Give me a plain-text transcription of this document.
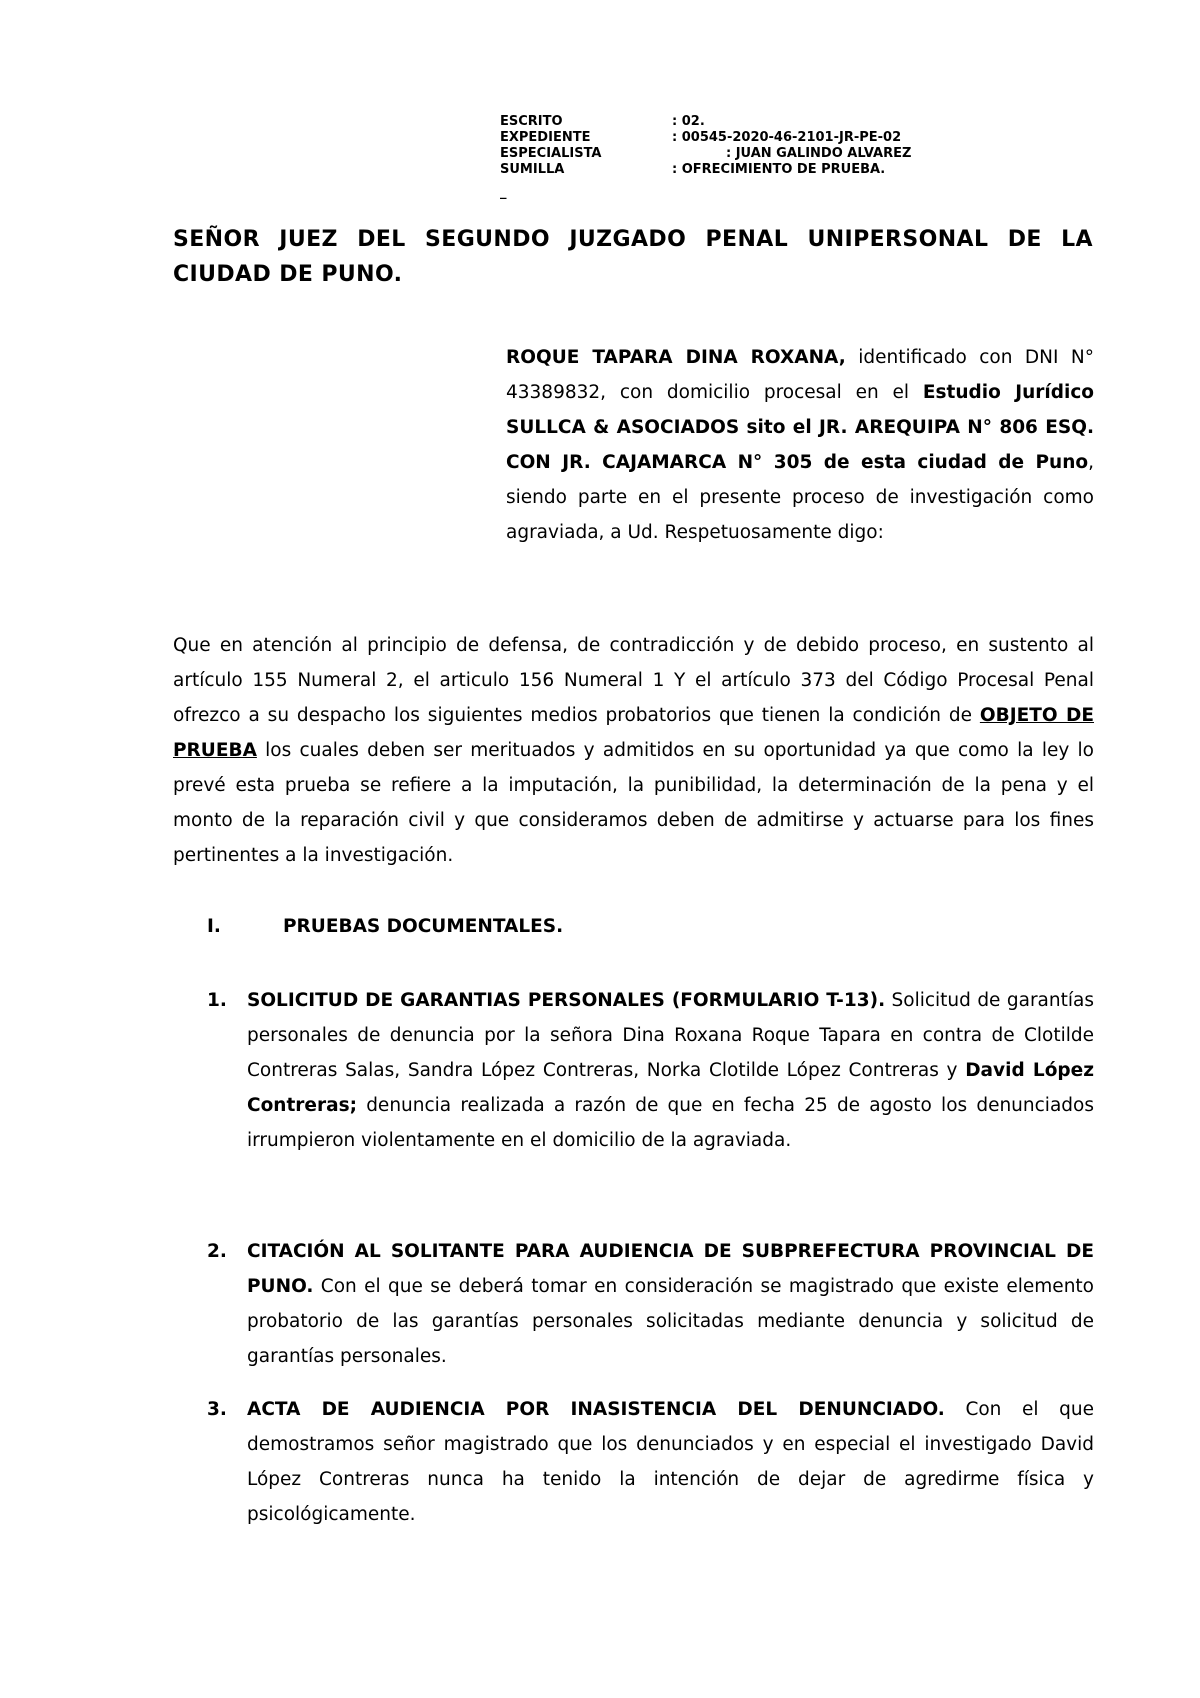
ESCRITO	: 02.
EXPEDIENTE	: 00545-2020-46-2101-JR-PE-02
ESPECIALISTA	: JUAN GALINDO ALVAREZ
SUMILLA	: OFRECIMIENTO DE PRUEBA.
_
SEÑOR JUEZ DEL SEGUNDO JUZGADO PENAL UNIPERSONAL DE LA CIUDAD DE PUNO.
ROQUE TAPARA DINA ROXANA, identificado con DNI N° 43389832, con domicilio procesal en el Estudio Jurídico SULLCA & ASOCIADOS sito el JR. AREQUIPA N° 806 ESQ. CON JR. CAJAMARCA N° 305 de esta ciudad de Puno, siendo parte en el presente proceso de investigación como agraviada, a Ud. Respetuosamente digo:
Que en atención al principio de defensa, de contradicción y de debido proceso, en sustento al artículo 155 Numeral 2, el articulo 156 Numeral 1 Y el artículo 373 del Código Procesal Penal ofrezco a su despacho los siguientes medios probatorios que tienen la condición de OBJETO DE PRUEBA los cuales deben ser merituados y admitidos en su oportunidad ya que como la ley lo prevé esta prueba se refiere a la imputación, la punibilidad, la determinación de la pena y el monto de la reparación civil y que consideramos deben de admitirse y actuarse para los fines pertinentes a la investigación.
I.	PRUEBAS DOCUMENTALES.
1. SOLICITUD DE GARANTIAS PERSONALES (FORMULARIO T-13). Solicitud de garantías personales de denuncia por la señora Dina Roxana Roque Tapara en contra de Clotilde Contreras Salas, Sandra López Contreras, Norka Clotilde López Contreras y David López Contreras; denuncia realizada a razón de que en fecha 25 de agosto los denunciados irrumpieron violentamente en el domicilio de la agraviada.
2. CITACIÓN AL SOLITANTE PARA AUDIENCIA DE SUBPREFECTURA PROVINCIAL DE PUNO. Con el que se deberá tomar en consideración se magistrado que existe elemento probatorio de las garantías personales solicitadas mediante denuncia y solicitud de garantías personales.
3. ACTA DE AUDIENCIA POR INASISTENCIA DEL DENUNCIADO. Con el que demostramos señor magistrado que los denunciados y en especial el investigado David López Contreras nunca ha tenido la intención de dejar de agredirme física y psicológicamente.
